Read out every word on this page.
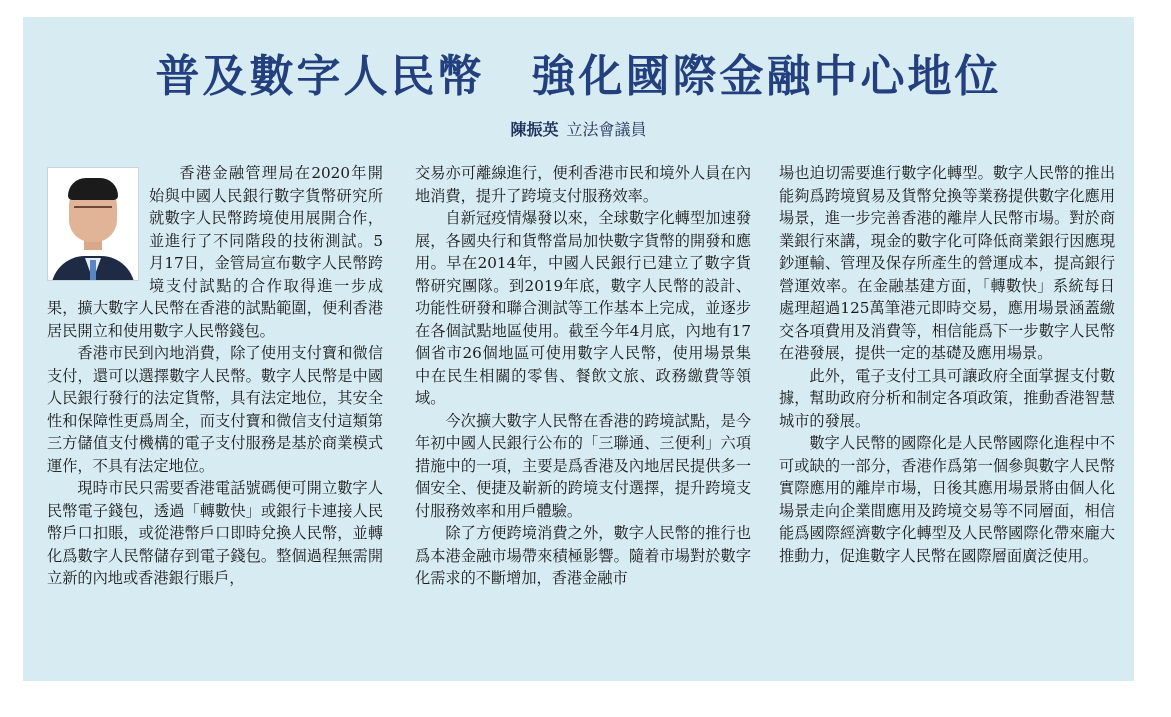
普及數字人民幣　強化國際金融中心地位
陳振英 立法會議員

香港金融管理局在2020年開始與中國人民銀行數字貨幣研究所就數字人民幣跨境使用展開合作，並進行了不同階段的技術測試。5月17日，金管局宣布數字人民幣跨境支付試點的合作取得進一步成果，擴大數字人民幣在香港的試點範圍，便利香港居民開立和使用數字人民幣錢包。

香港市民到內地消費，除了使用支付寶和微信支付，還可以選擇數字人民幣。數字人民幣是中國人民銀行發行的法定貨幣，具有法定地位，其安全性和保障性更爲周全，而支付寶和微信支付這類第三方儲值支付機構的電子支付服務是基於商業模式運作，不具有法定地位。

現時市民只需要香港電話號碼便可開立數字人民幣電子錢包，透過「轉數快」或銀行卡連接人民幣戶口扣賬，或從港幣戶口即時兌換人民幣，並轉化爲數字人民幣儲存到電子錢包。整個過程無需開立新的內地或香港銀行賬戶，

交易亦可離線進行，便利香港市民和境外人員在內地消費，提升了跨境支付服務效率。

自新冠疫情爆發以來，全球數字化轉型加速發展，各國央行和貨幣當局加快數字貨幣的開發和應用。早在2014年，中國人民銀行已建立了數字貨幣研究團隊。到2019年底，數字人民幣的設計、功能性研發和聯合測試等工作基本上完成，並逐步在各個試點地區使用。截至今年4月底，內地有17個省市26個地區可使用數字人民幣，使用場景集中在民生相關的零售、餐飲文旅、政務繳費等領域。

今次擴大數字人民幣在香港的跨境試點，是今年初中國人民銀行公布的「三聯通、三便利」六項措施中的一項，主要是爲香港及內地居民提供多一個安全、便捷及嶄新的跨境支付選擇，提升跨境支付服務效率和用戶體驗。

除了方便跨境消費之外，數字人民幣的推行也爲本港金融市場帶來積極影響。隨着市場對於數字化需求的不斷增加，香港金融市

場也迫切需要進行數字化轉型。數字人民幣的推出能夠爲跨境貿易及貨幣兌換等業務提供數字化應用場景，進一步完善香港的離岸人民幣市場。對於商業銀行來講，現金的數字化可降低商業銀行因應現鈔運輸、管理及保存所產生的營運成本，提高銀行營運效率。在金融基建方面，「轉數快」系統每日處理超過125萬筆港元即時交易，應用場景涵蓋繳交各項費用及消費等，相信能爲下一步數字人民幣在港發展，提供一定的基礎及應用場景。

此外，電子支付工具可讓政府全面掌握支付數據，幫助政府分析和制定各項政策，推動香港智慧城市的發展。

數字人民幣的國際化是人民幣國際化進程中不可或缺的一部分，香港作爲第一個參與數字人民幣實際應用的離岸市場，日後其應用場景將由個人化場景走向企業間應用及跨境交易等不同層面，相信能爲國際經濟數字化轉型及人民幣國際化帶來龐大推動力，促進數字人民幣在國際層面廣泛使用。
